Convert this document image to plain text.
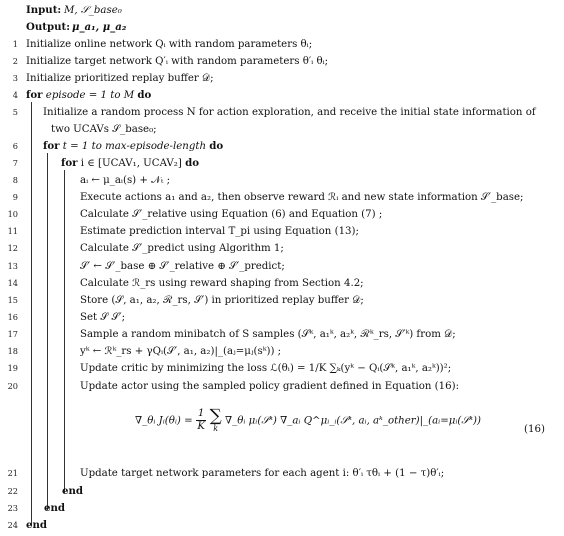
Input: M, 𝒮_base₀
Output: μ_a₁, μ_a₂
1 Initialize online network Qᵢ with random parameters θᵢ;
2 Initialize target network Q′ᵢ with random parameters θ′ᵢ θᵢ;
3 Initialize prioritized replay buffer 𝒟;
4 for episode = 1 to M do
5 Initialize a random process N for action exploration, and receive the initial state information of
two UCAVs 𝒮_base₀;
6 for t = 1 to max-episode-length do
7	for i ∈ [UCAV₁, UCAV₂] do
8	aᵢ ← μ_aᵢ(s) + 𝒩ₜ ;
9	Execute actions a₁ and a₂, then observe reward ℛᵢ and new state information 𝒮′_base;
10	Calculate 𝒮′_relative using Equation (6) and Equation (7) ;
11	Estimate prediction interval T_pi using Equation (13);
12	Calculate 𝒮′_predict using Algorithm 1;
13	𝒮′ ← 𝒮′_base ⊕ 𝒮′_relative ⊕ 𝒮′_predict;
14	Calculate ℛ_rs using reward shaping from Section 4.2;
15	Store (𝒮, a₁, a₂, ℛ_rs, 𝒮′) in prioritized replay buffer 𝒟;
16	Set 𝒮 𝒮′;
17	Sample a random minibatch of S samples (𝒮ᵏ, a₁ᵏ, a₂ᵏ, ℛᵏ_rs, 𝒮′ᵏ) from 𝒟;
18	yᵏ ← ℛᵏ_rs + γQᵢ(𝒮′, a₁, a₂)|_(aⱼ=μⱼ(sᵏ)) ;
19	Update critic by minimizing the loss ℒ(θᵢ) = 1/K ∑ₖ(yᵏ − Qᵢ(𝒮ᵏ, a₁ᵏ, a₂ᵏ))²;
20	Update actor using the sampled policy gradient defined in Equation (16):
∇_θᵢ Jᵢ(θᵢ) = $\frac{1}{K}$
∑
k
∇_θᵢ μᵢ(𝒮ᵏ) ∇_aᵢ Q^μᵢ_ᵢ(𝒮ᵏ, aᵢ, aᵏ_other)|_(aᵢ=μᵢ(𝒮ᵏ))
(16)
21	Update target network parameters for each agent i: θ′ᵢ τθᵢ + (1 − τ)θ′ᵢ;
22	end
23	end
24 end
